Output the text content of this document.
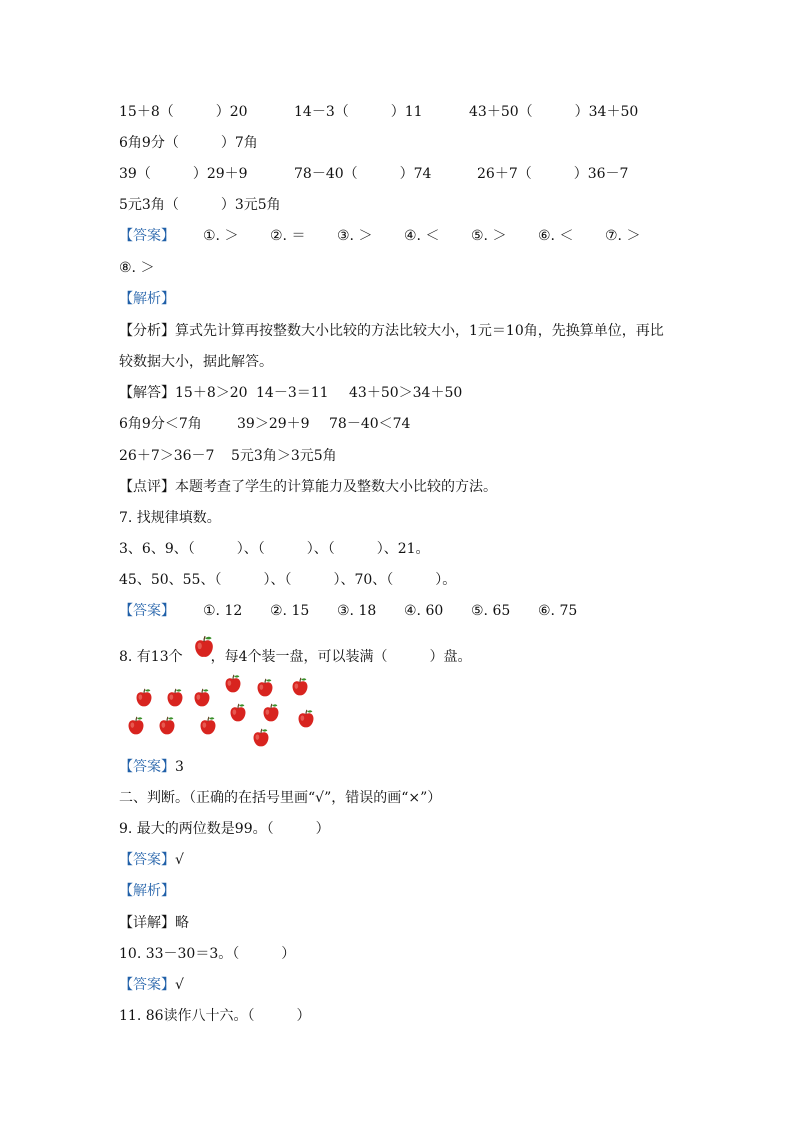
15＋8（　　　）20	14－3（　　　）11	43＋50（　　　）34＋50
6角9分（　　　）7角
39（　　　）29＋9	78－40（　　　）74	26＋7（　　　）36－7
5元3角（　　　）3元5角
【答案】 ①. ＞ ②. ＝ ③. ＞ ④. ＜ ⑤. ＞ ⑥. ＜ ⑦. ＞
⑧. ＞
【解析】
【分析】算式先计算再按整数大小比较的方法比较大小，1元＝10角，先换算单位，再比
较数据大小，据此解答。
【解答】15＋8＞20 14－3＝11 43＋50＞34＋50
6角9分＜7角	39＞29＋9 78－40＜74
26＋7＞36－7 5元3角＞3元5角
【点评】本题考查了学生的计算能力及整数大小比较的方法。
7. 找规律填数。
3、6、9、（　　　）、（　　　）、（　　　）、21。
45、50、55、（　　　）、（　　　）、70、（　　　）。
【答案】 ①. 12 ②. 15 ③. 18 ④. 60 ⑤. 65 ⑥. 75
8. 有13个 ，每4个装一盘，可以装满（　　　）盘。
【答案】3
二、判断。（正确的在括号里画“√”，错误的画“×”）
9. 最大的两位数是99。（　　　）
【答案】√
【解析】
【详解】略
10. 33－30＝3。（　　　）
【答案】√
11. 86读作八十六。（　　　）
